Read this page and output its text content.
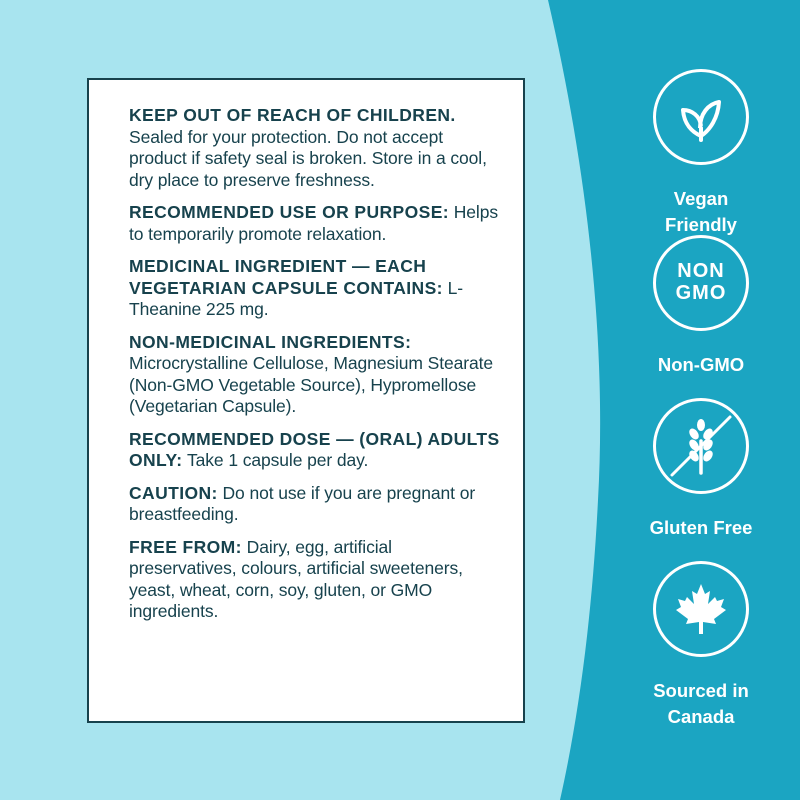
KEEP OUT OF REACH OF CHILDREN. Sealed for your protection. Do not accept product if safety seal is broken. Store in a cool, dry place to preserve freshness.

RECOMMENDED USE OR PURPOSE: Helps to temporarily promote relaxation.

MEDICINAL INGREDIENT — EACH VEGETARIAN CAPSULE CONTAINS: L-Theanine 225 mg.

NON-MEDICINAL INGREDIENTS: Microcrystalline Cellulose, Magnesium Stearate (Non-GMO Vegetable Source), Hypromellose (Vegetarian Capsule).

RECOMMENDED DOSE — (ORAL) ADULTS ONLY: Take 1 capsule per day.

CAUTION: Do not use if you are pregnant or breastfeeding.

FREE FROM: Dairy, egg, artificial preservatives, colours, artificial sweeteners, yeast, wheat, corn, soy, gluten, or GMO ingredients.

Vegan
Friendly
NON
GMO
Non-GMO
Gluten Free
Sourced in
Canada
